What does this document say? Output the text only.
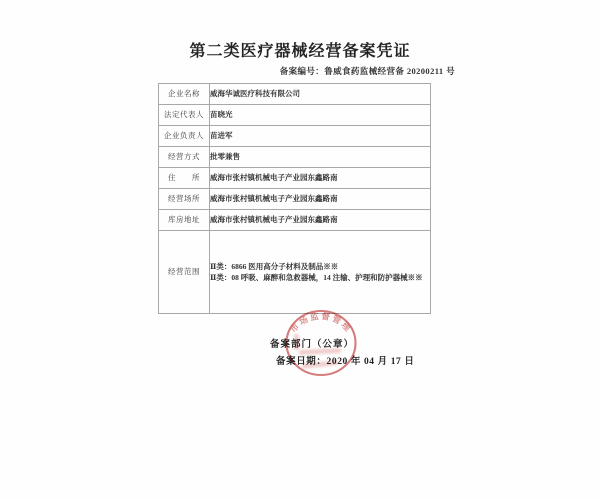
第二类医疗器械经营备案凭证
备案编号：鲁威食药监械经营备 20200211 号
企业名称	威海华诚医疗科技有限公司
法定代表人	苗晓光
企业负责人	苗进军
经营方式	批零兼售
住　　所	威海市张村镇机械电子产业园东鑫路南
经营场所	威海市张村镇机械电子产业园东鑫路南
库房地址	威海市张村镇机械电子产业园东鑫路南
经营范围	Ⅱ类：6866 医用高分子材料及制品※※
Ⅱ类：08 呼吸、麻醉和急救器械，14 注输、护理和防护器械※※
备案部门（公章）
备案日期：2020 年 04 月 17 日
市场监督管理
